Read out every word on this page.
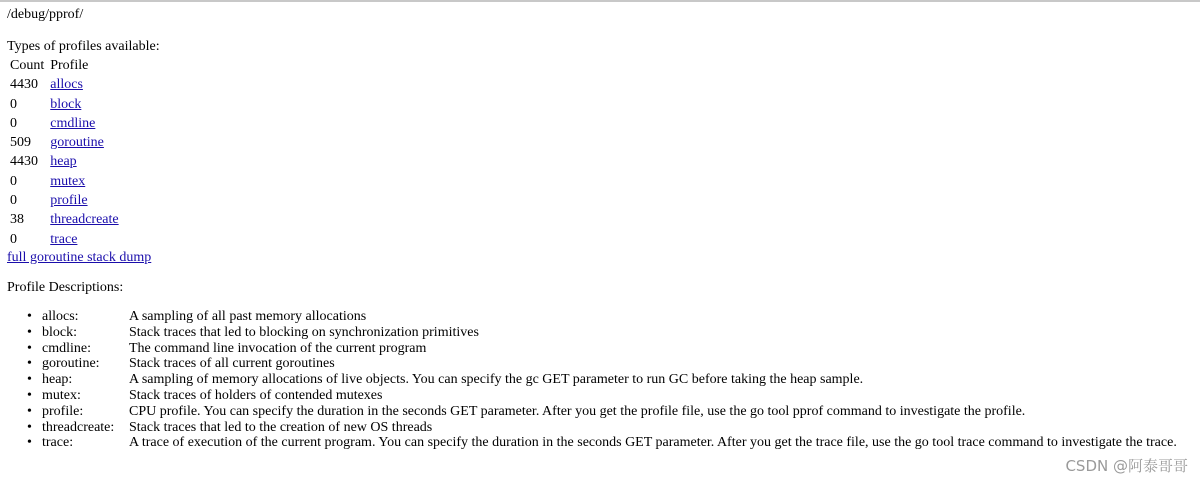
/debug/pprof/
Types of profiles available:
Count	Profile
4430	allocs
0	block
0	cmdline
509	goroutine
4430	heap
0	mutex
0	profile
38	threadcreate
0	trace
full goroutine stack dump
Profile Descriptions:
• allocs:	A sampling of all past memory allocations
• block:	Stack traces that led to blocking on synchronization primitives
• cmdline:	The command line invocation of the current program
• goroutine: Stack traces of all current goroutines
• heap:	A sampling of memory allocations of live objects. You can specify the gc GET parameter to run GC before taking the heap sample.
• mutex:	Stack traces of holders of contended mutexes
• profile:	CPU profile. You can specify the duration in the seconds GET parameter. After you get the profile file, use the go tool pprof command to investigate the profile.
• threadcreate: Stack traces that led to the creation of new OS threads
• trace:	A trace of execution of the current program. You can specify the duration in the seconds GET parameter. After you get the trace file, use the go tool trace command to investigate the trace.
CSDN @阿泰哥哥
